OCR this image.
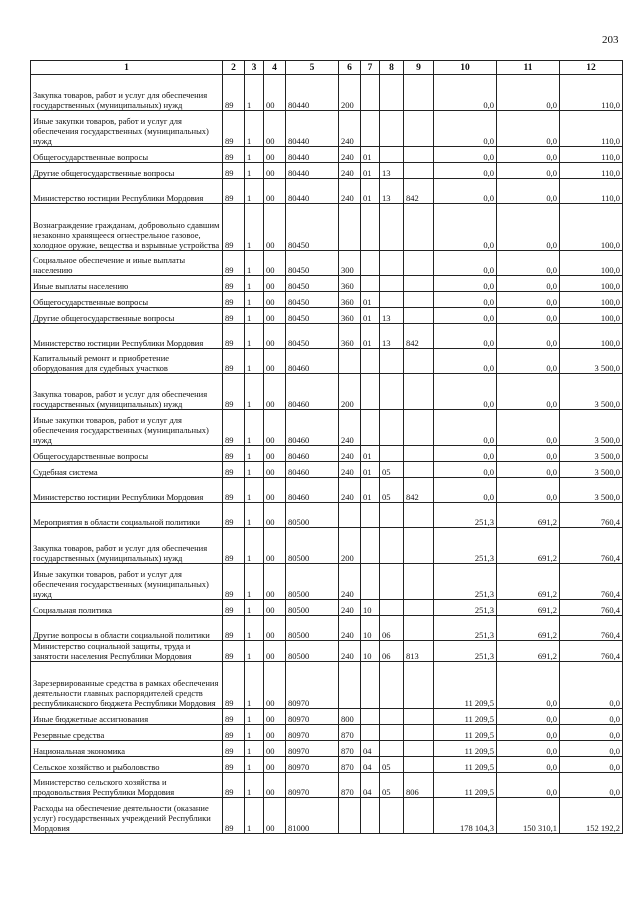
203
1	2	3	4	5	6	7	8	9	10	11	12
Закупка товаров, работ и услуг для обеспечения государственных (муниципальных) нужд	89	1	00	80440	200				0,0	0,0	110,0
Иные закупки товаров, работ и услуг для обеспечения государственных (муниципальных) нужд	89	1	00	80440	240				0,0	0,0	110,0
Общегосударственные вопросы	89	1	00	80440	240	01			0,0	0,0	110,0
Другие общегосударственные вопросы	89	1	00	80440	240	01	13		0,0	0,0	110,0
Министерство юстиции Республики Мордовия	89	1	00	80440	240	01	13	842	0,0	0,0	110,0
Вознаграждение гражданам, добровольно сдавшим незаконно хранящееся огнестрельное газовое, холодное оружие, вещества и взрывные устройства	89	1	00	80450					0,0	0,0	100,0
Социальное обеспечение и иные выплаты населению	89	1	00	80450	300				0,0	0,0	100,0
Иные выплаты населению	89	1	00	80450	360				0,0	0,0	100,0
Общегосударственные вопросы	89	1	00	80450	360	01			0,0	0,0	100,0
Другие общегосударственные вопросы	89	1	00	80450	360	01	13		0,0	0,0	100,0
Министерство юстиции Республики Мордовия	89	1	00	80450	360	01	13	842	0,0	0,0	100,0
Капитальный ремонт и приобретение оборудования для судебных участков	89	1	00	80460					0,0	0,0	3 500,0
Закупка товаров, работ и услуг для обеспечения государственных (муниципальных) нужд	89	1	00	80460	200				0,0	0,0	3 500,0
Иные закупки товаров, работ и услуг для обеспечения государственных (муниципальных) нужд	89	1	00	80460	240				0,0	0,0	3 500,0
Общегосударственные вопросы	89	1	00	80460	240	01			0,0	0,0	3 500,0
Судебная система	89	1	00	80460	240	01	05		0,0	0,0	3 500,0
Министерство юстиции Республики Мордовия	89	1	00	80460	240	01	05	842	0,0	0,0	3 500,0
Мероприятия в области социальной политики	89	1	00	80500					251,3	691,2	760,4
Закупка товаров, работ и услуг для обеспечения государственных (муниципальных) нужд	89	1	00	80500	200				251,3	691,2	760,4
Иные закупки товаров, работ и услуг для обеспечения государственных (муниципальных) нужд	89	1	00	80500	240				251,3	691,2	760,4
Социальная политика	89	1	00	80500	240	10			251,3	691,2	760,4
Другие вопросы в области социальной политики	89	1	00	80500	240	10	06		251,3	691,2	760,4
Министерство социальной защиты, труда и занятости населения Республики Мордовия	89	1	00	80500	240	10	06	813	251,3	691,2	760,4
Зарезервированные средства в рамках обеспечения деятельности главных распорядителей средств республиканского бюджета Республики Мордовия	89	1	00	80970					11 209,5	0,0	0,0
Иные бюджетные ассигнования	89	1	00	80970	800				11 209,5	0,0	0,0
Резервные средства	89	1	00	80970	870				11 209,5	0,0	0,0
Национальная экономика	89	1	00	80970	870	04			11 209,5	0,0	0,0
Сельское хозяйство и рыболовство	89	1	00	80970	870	04	05		11 209,5	0,0	0,0
Министерство сельского хозяйства и продовольствия Республики Мордовия	89	1	00	80970	870	04	05	806	11 209,5	0,0	0,0
Расходы на обеспечение деятельности (оказание услуг) государственных учреждений Республики Мордовия	89	1	00	81000					178 104,3	150 310,1	152 192,2
